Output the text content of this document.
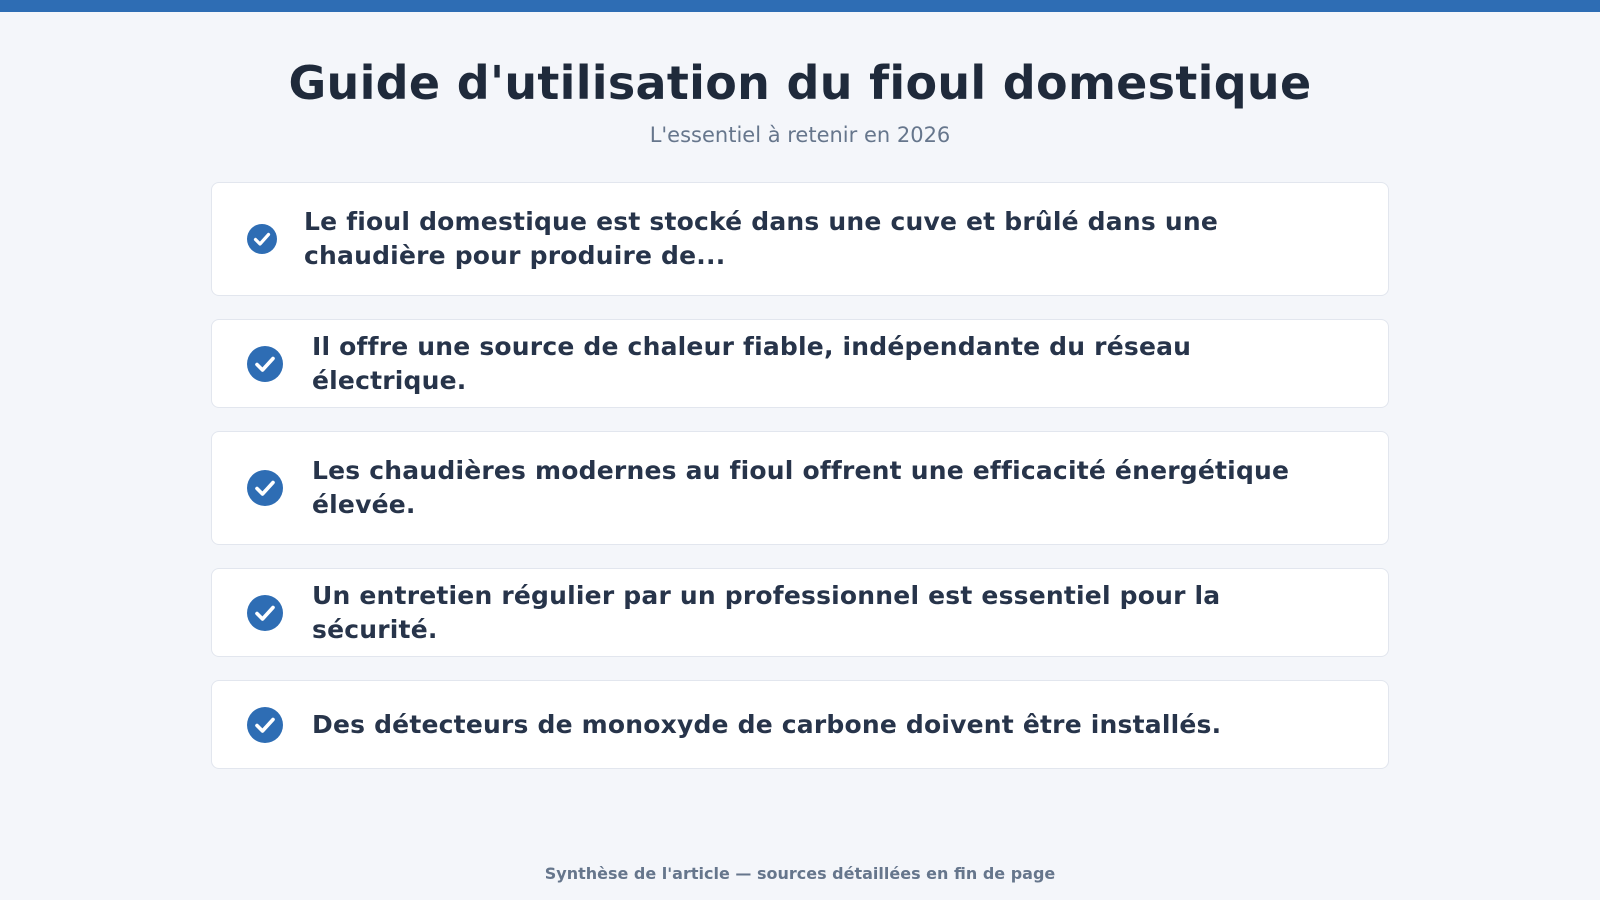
Guide d'utilisation du fioul domestique

L'essentiel à retenir en 2026

Le fioul domestique est stocké dans une cuve et brûlé dans une chaudière pour produire de...
Il offre une source de chaleur fiable, indépendante du réseau électrique.
Les chaudières modernes au fioul offrent une efficacité énergétique élevée.
Un entretien régulier par un professionnel est essentiel pour la sécurité.
Des détecteurs de monoxyde de carbone doivent être installés.
Synthèse de l'article — sources détaillées en fin de page
